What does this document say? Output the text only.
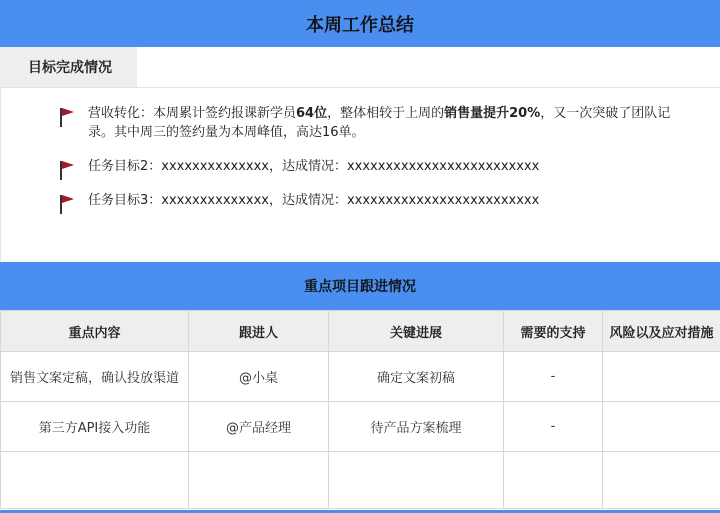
本周工作总结
目标完成情况
营收转化：本周累计签约报课新学员64位，整体相较于上周的销售量提升20%，又一次突破了团队记录。其中周三的签约量为本周峰值，高达16单。
任务目标2：xxxxxxxxxxxxxx，达成情况：xxxxxxxxxxxxxxxxxxxxxxxxx
任务目标3：xxxxxxxxxxxxxx，达成情况：xxxxxxxxxxxxxxxxxxxxxxxxx
重点项目跟进情况
重点内容	跟进人	关键进展	需要的支持	风险以及应对措施
销售文案定稿，确认投放渠道	@小桌	确定文案初稿	-	
第三方API接入功能	@产品经理	待产品方案梳理	-	
